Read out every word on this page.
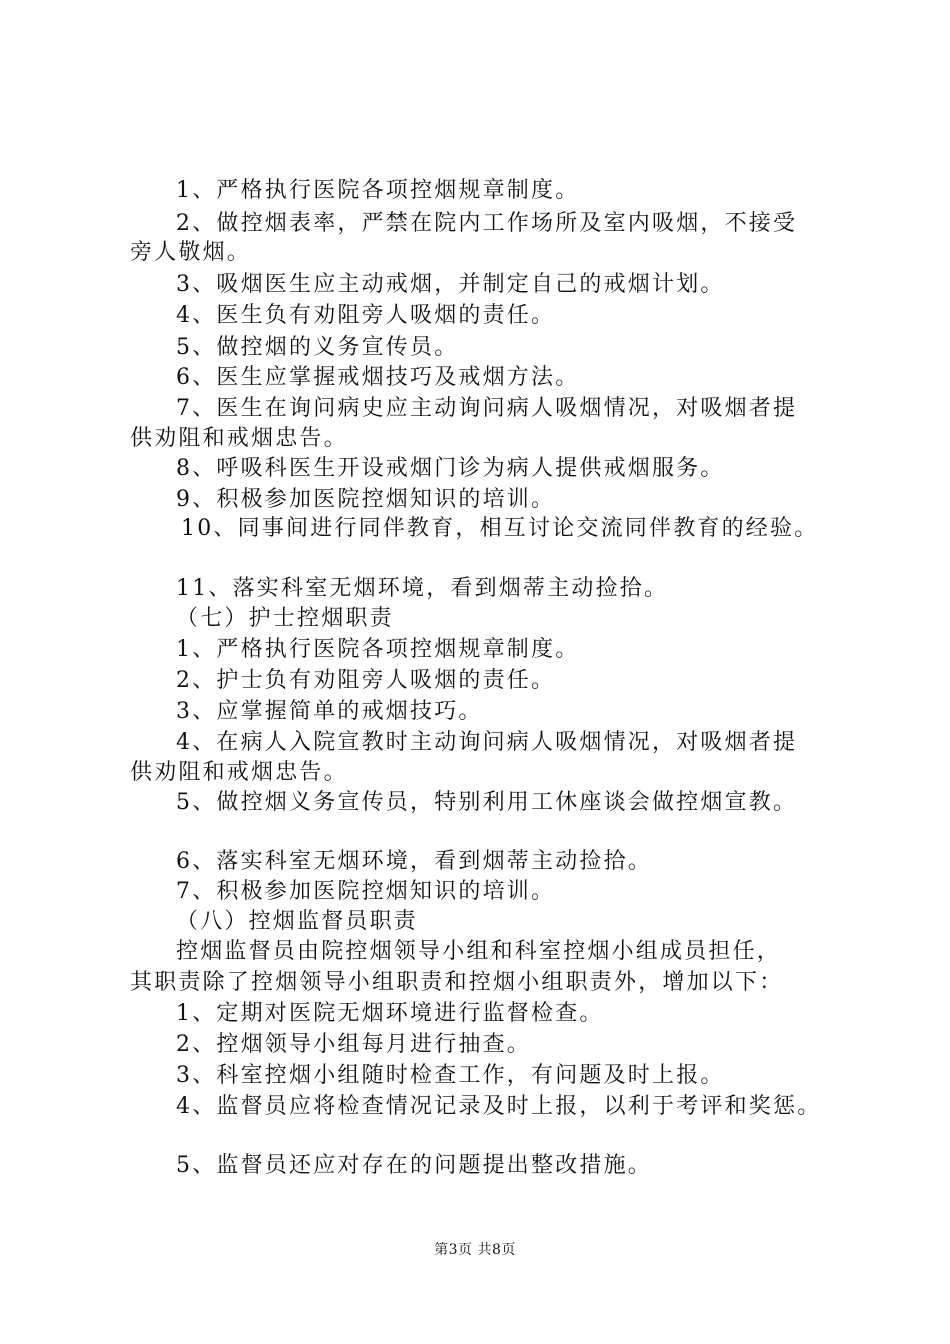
1、严格执行医院各项控烟规章制度。
2、做控烟表率，严禁在院内工作场所及室内吸烟，不接受
旁人敬烟。
3、吸烟医生应主动戒烟，并制定自己的戒烟计划。
4、医生负有劝阻旁人吸烟的责任。
5、做控烟的义务宣传员。
6、医生应掌握戒烟技巧及戒烟方法。
7、医生在询问病史应主动询问病人吸烟情况，对吸烟者提
供劝阻和戒烟忠告。
8、呼吸科医生开设戒烟门诊为病人提供戒烟服务。
9、积极参加医院控烟知识的培训。
10、同事间进行同伴教育，相互讨论交流同伴教育的经验。
11、落实科室无烟环境，看到烟蒂主动捡拾。
（七）护士控烟职责
1、严格执行医院各项控烟规章制度。
2、护士负有劝阻旁人吸烟的责任。
3、应掌握简单的戒烟技巧。
4、在病人入院宣教时主动询问病人吸烟情况，对吸烟者提
供劝阻和戒烟忠告。
5、做控烟义务宣传员，特别利用工休座谈会做控烟宣教。
6、落实科室无烟环境，看到烟蒂主动捡拾。
7、积极参加医院控烟知识的培训。
（八）控烟监督员职责
控烟监督员由院控烟领导小组和科室控烟小组成员担任，
其职责除了控烟领导小组职责和控烟小组职责外，增加以下：
1、定期对医院无烟环境进行监督检查。
2、控烟领导小组每月进行抽查。
3、科室控烟小组随时检查工作，有问题及时上报。
4、监督员应将检查情况记录及时上报，以利于考评和奖惩。
5、监督员还应对存在的问题提出整改措施。
第3页 共8页
